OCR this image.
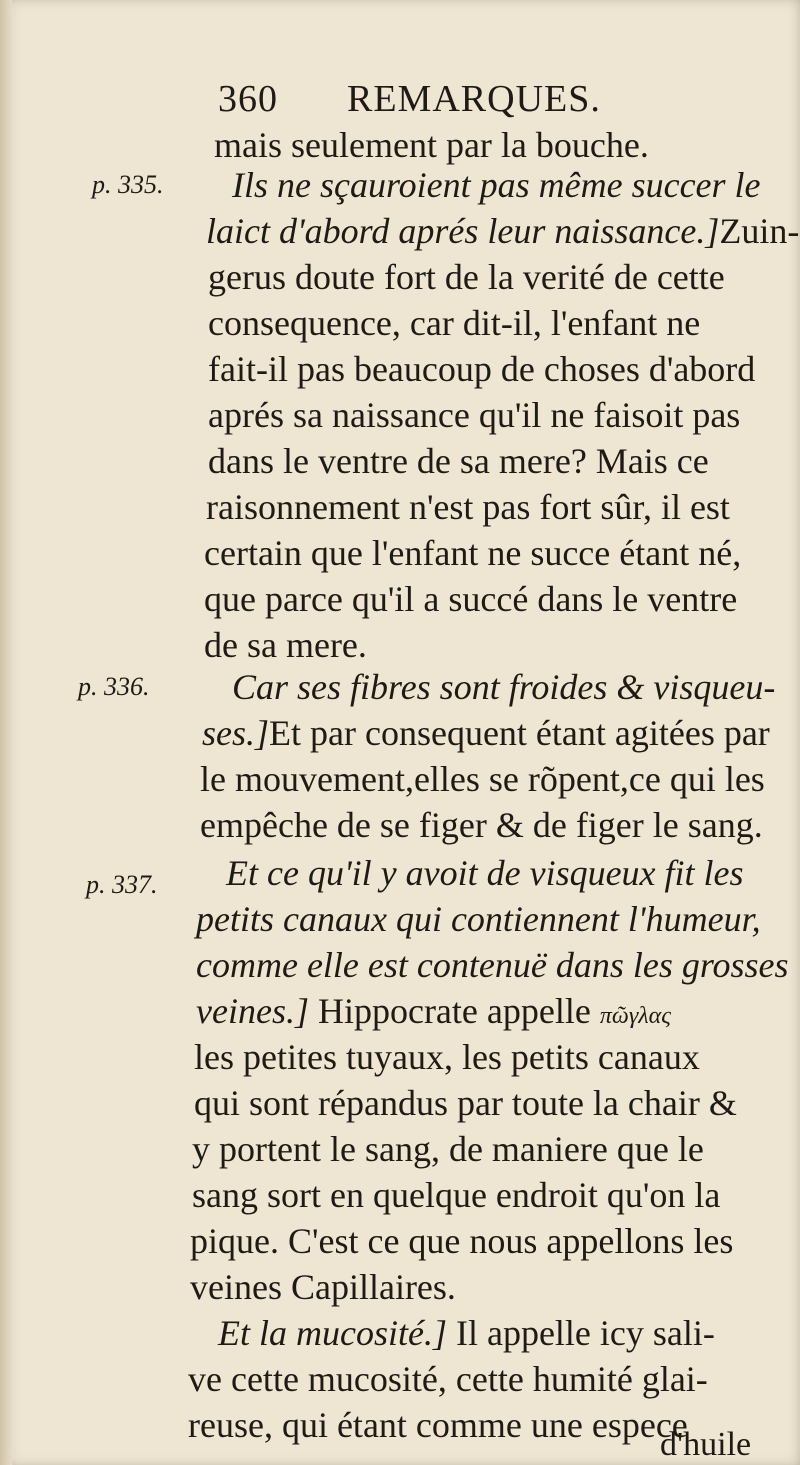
360 REMARQUES.
mais seulement par la bouche.
p. 335. Ils ne sçauroient pas même succer le
laict d'abord aprés leur naissance.]Zuin-
gerus doute fort de la verité de cette
consequence, car dit-il, l'enfant ne
fait-il pas beaucoup de choses d'abord
aprés sa naissance qu'il ne faisoit pas
dans le ventre de sa mere? Mais ce
raisonnement n'est pas fort sûr, il est
certain que l'enfant ne succe étant né,
que parce qu'il a succé dans le ventre
de sa mere.
p. 336. Car ses fibres sont froides & visqueu-
ses.]Et par consequent étant agitées par
le mouvement,elles se rõpent,ce qui les
empêche de se figer & de figer le sang.
p. 337. Et ce qu'il y avoit de visqueux fit les
petits canaux qui contiennent l'humeur,
comme elle est contenuë dans les grosses
veines.] Hippocrate appelle πῶγλας
les petites tuyaux, les petits canaux
qui sont répandus par toute la chair &
y portent le sang, de maniere que le
sang sort en quelque endroit qu'on la
pique. C'est ce que nous appellons les
veines Capillaires.
Et la mucosité.] Il appelle icy sali-
ve cette mucosité, cette humité glai-
reuse, qui étant comme une espece
d'huile
